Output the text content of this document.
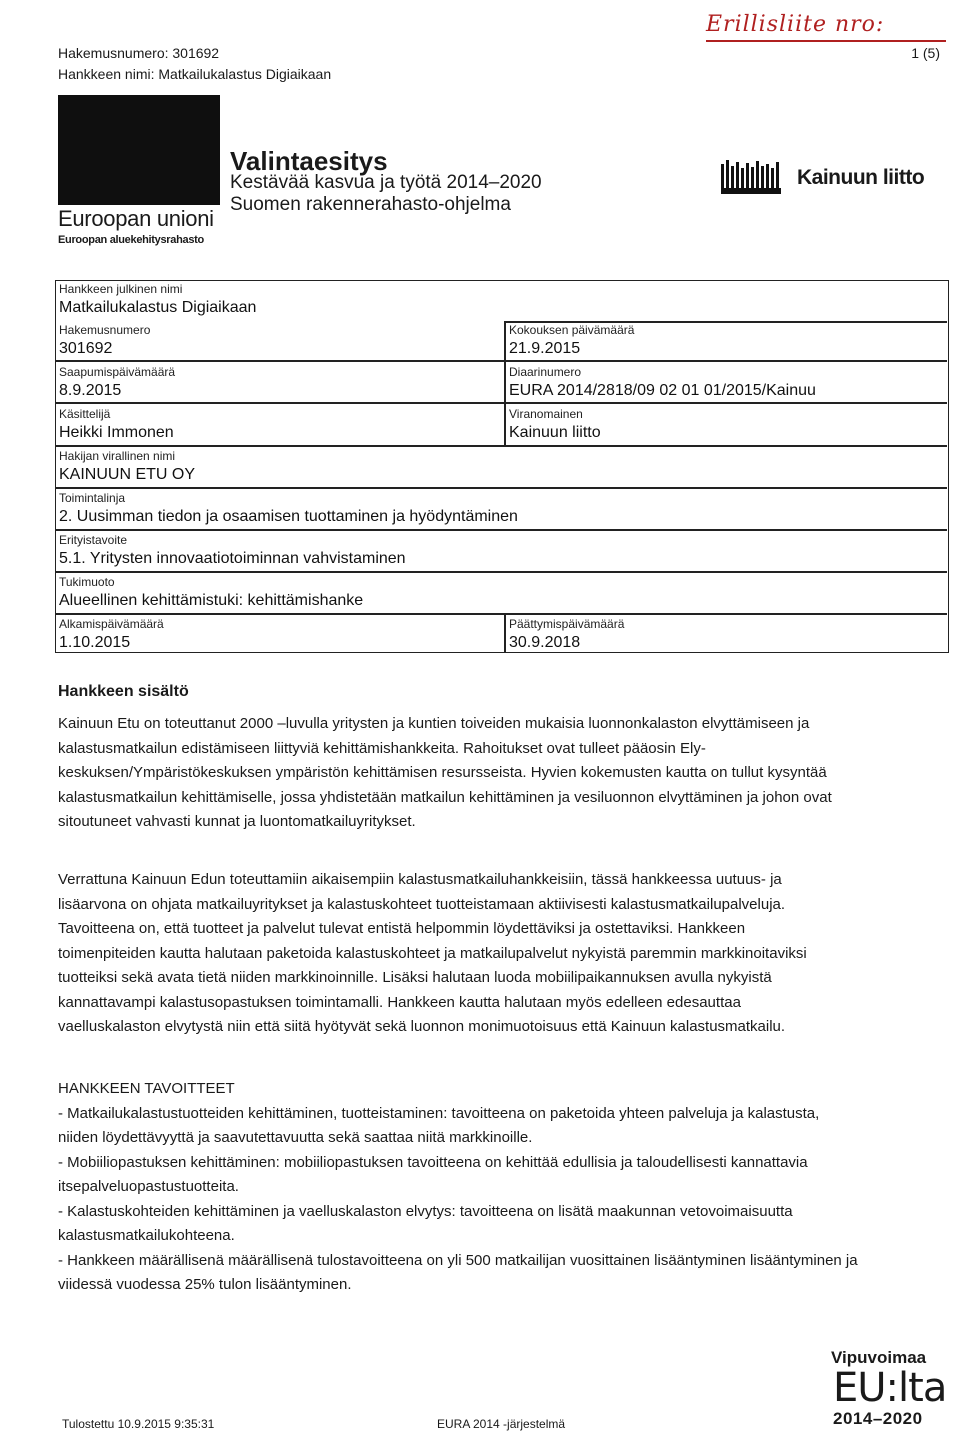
Erillisliite nro:
Hakemusnumero: 301692
Hankkeen nimi: Matkailukalastus Digiaikaan
1 (5)
Euroopan unioni
Euroopan aluekehitysrahasto
Valintaesitys
Kestävää kasvua ja työtä 2014–2020
Suomen rakennerahasto-ohjelma
Kainuun liitto
Hankkeen julkinen nimi
Matkailukalastus Digiaikaan
Hakemusnumero
301692
Kokouksen päivämäärä
21.9.2015
Saapumispäivämäärä
8.9.2015
Diaarinumero
EURA 2014/2818/09 02 01 01/2015/Kainuu
Käsittelijä
Heikki Immonen
Viranomainen
Kainuun liitto
Hakijan virallinen nimi
KAINUUN ETU OY
Toimintalinja
2. Uusimman tiedon ja osaamisen tuottaminen ja hyödyntäminen
Erityistavoite
5.1. Yritysten innovaatiotoiminnan vahvistaminen
Tukimuoto
Alueellinen kehittämistuki: kehittämishanke
Alkamispäivämäärä
1.10.2015
Päättymispäivämäärä
30.9.2018
Hankkeen sisältö
Kainuun Etu on toteuttanut 2000 –luvulla yritysten ja kuntien toiveiden mukaisia luonnonkalaston elvyttämiseen ja
kalastusmatkailun edistämiseen liittyviä kehittämishankkeita. Rahoitukset ovat tulleet pääosin Ely-
keskuksen/Ympäristökeskuksen ympäristön kehittämisen resursseista. Hyvien kokemusten kautta on tullut kysyntää
kalastusmatkailun kehittämiselle, jossa yhdistetään matkailun kehittäminen ja vesiluonnon elvyttäminen ja johon ovat
sitoutuneet vahvasti kunnat ja luontomatkailuyritykset.
Verrattuna Kainuun Edun toteuttamiin aikaisempiin kalastusmatkailuhankkeisiin, tässä hankkeessa uutuus- ja
lisäarvona on ohjata matkailuyritykset ja kalastuskohteet tuotteistamaan aktiivisesti kalastusmatkailupalveluja.
Tavoitteena on, että tuotteet ja palvelut tulevat entistä helpommin löydettäviksi ja ostettaviksi. Hankkeen
toimenpiteiden kautta halutaan paketoida kalastuskohteet ja matkailupalvelut nykyistä paremmin markkinoitaviksi
tuotteiksi sekä avata tietä niiden markkinoinnille. Lisäksi halutaan luoda mobiilipaikannuksen avulla nykyistä
kannattavampi kalastusopastuksen toimintamalli. Hankkeen kautta halutaan myös edelleen edesauttaa
vaelluskalaston elvytystä niin että siitä hyötyvät sekä luonnon monimuotoisuus että Kainuun kalastusmatkailu.
HANKKEEN TAVOITTEET
- Matkailukalastustuotteiden kehittäminen, tuotteistaminen: tavoitteena on paketoida yhteen palveluja ja kalastusta,
niiden löydettävyyttä ja saavutettavuutta sekä saattaa niitä markkinoille.
- Mobiiliopastuksen kehittäminen: mobiiliopastuksen tavoitteena on kehittää edullisia ja taloudellisesti kannattavia
itsepalveluopastustuotteita.
- Kalastuskohteiden kehittäminen ja vaelluskalaston elvytys: tavoitteena on lisätä maakunnan vetovoimaisuutta
kalastusmatkailukohteena.
- Hankkeen määrällisenä määrällisenä tulostavoitteena on yli 500 matkailijan vuosittainen lisääntyminen lisääntyminen ja
viidessä vuodessa 25% tulon lisääntyminen.
Tulostettu 10.9.2015 9:35:31	EURA 2014 -järjestelmä
Vipuvoimaa
EU:lta
2014–2020
